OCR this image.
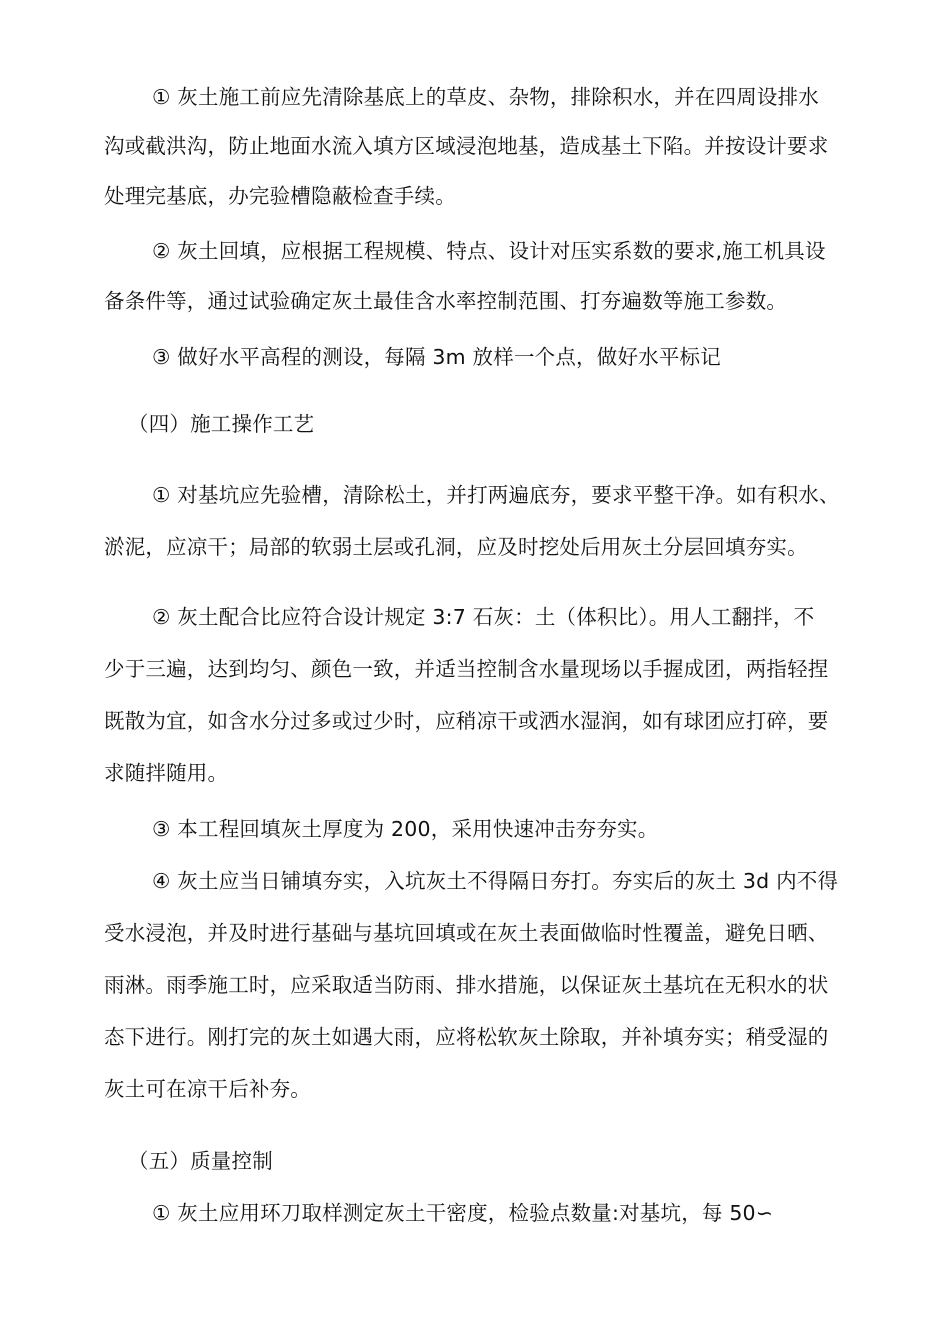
① 灰土施工前应先清除基底上的草皮、杂物，排除积水，并在四周设排水
沟或截洪沟，防止地面水流入填方区域浸泡地基，造成基土下陷。并按设计要求
处理完基底，办完验槽隐蔽检查手续。
② 灰土回填，应根据工程规模、特点、设计对压实系数的要求,施工机具设
备条件等，通过试验确定灰土最佳含水率控制范围、打夯遍数等施工参数。
③ 做好水平高程的测设，每隔 3m 放样一个点，做好水平标记
（四）施工操作工艺
① 对基坑应先验槽，清除松土，并打两遍底夯，要求平整干净。如有积水、
淤泥，应凉干；局部的软弱土层或孔洞，应及时挖处后用灰土分层回填夯实。
② 灰土配合比应符合设计规定 3:7 石灰：土（体积比）。用人工翻拌，不
少于三遍，达到均匀、颜色一致，并适当控制含水量现场以手握成团，两指轻捏
既散为宜，如含水分过多或过少时，应稍凉干或洒水湿润，如有球团应打碎，要
求随拌随用。
③ 本工程回填灰土厚度为 200，采用快速冲击夯夯实。
④ 灰土应当日铺填夯实，入坑灰土不得隔日夯打。夯实后的灰土 3d 内不得
受水浸泡，并及时进行基础与基坑回填或在灰土表面做临时性覆盖，避免日晒、
雨淋。雨季施工时，应采取适当防雨、排水措施，以保证灰土基坑在无积水的状
态下进行。刚打完的灰土如遇大雨，应将松软灰土除取，并补填夯实；稍受湿的
灰土可在凉干后补夯。
（五）质量控制
① 灰土应用环刀取样测定灰土干密度，检验点数量:对基坑，每 50∽
